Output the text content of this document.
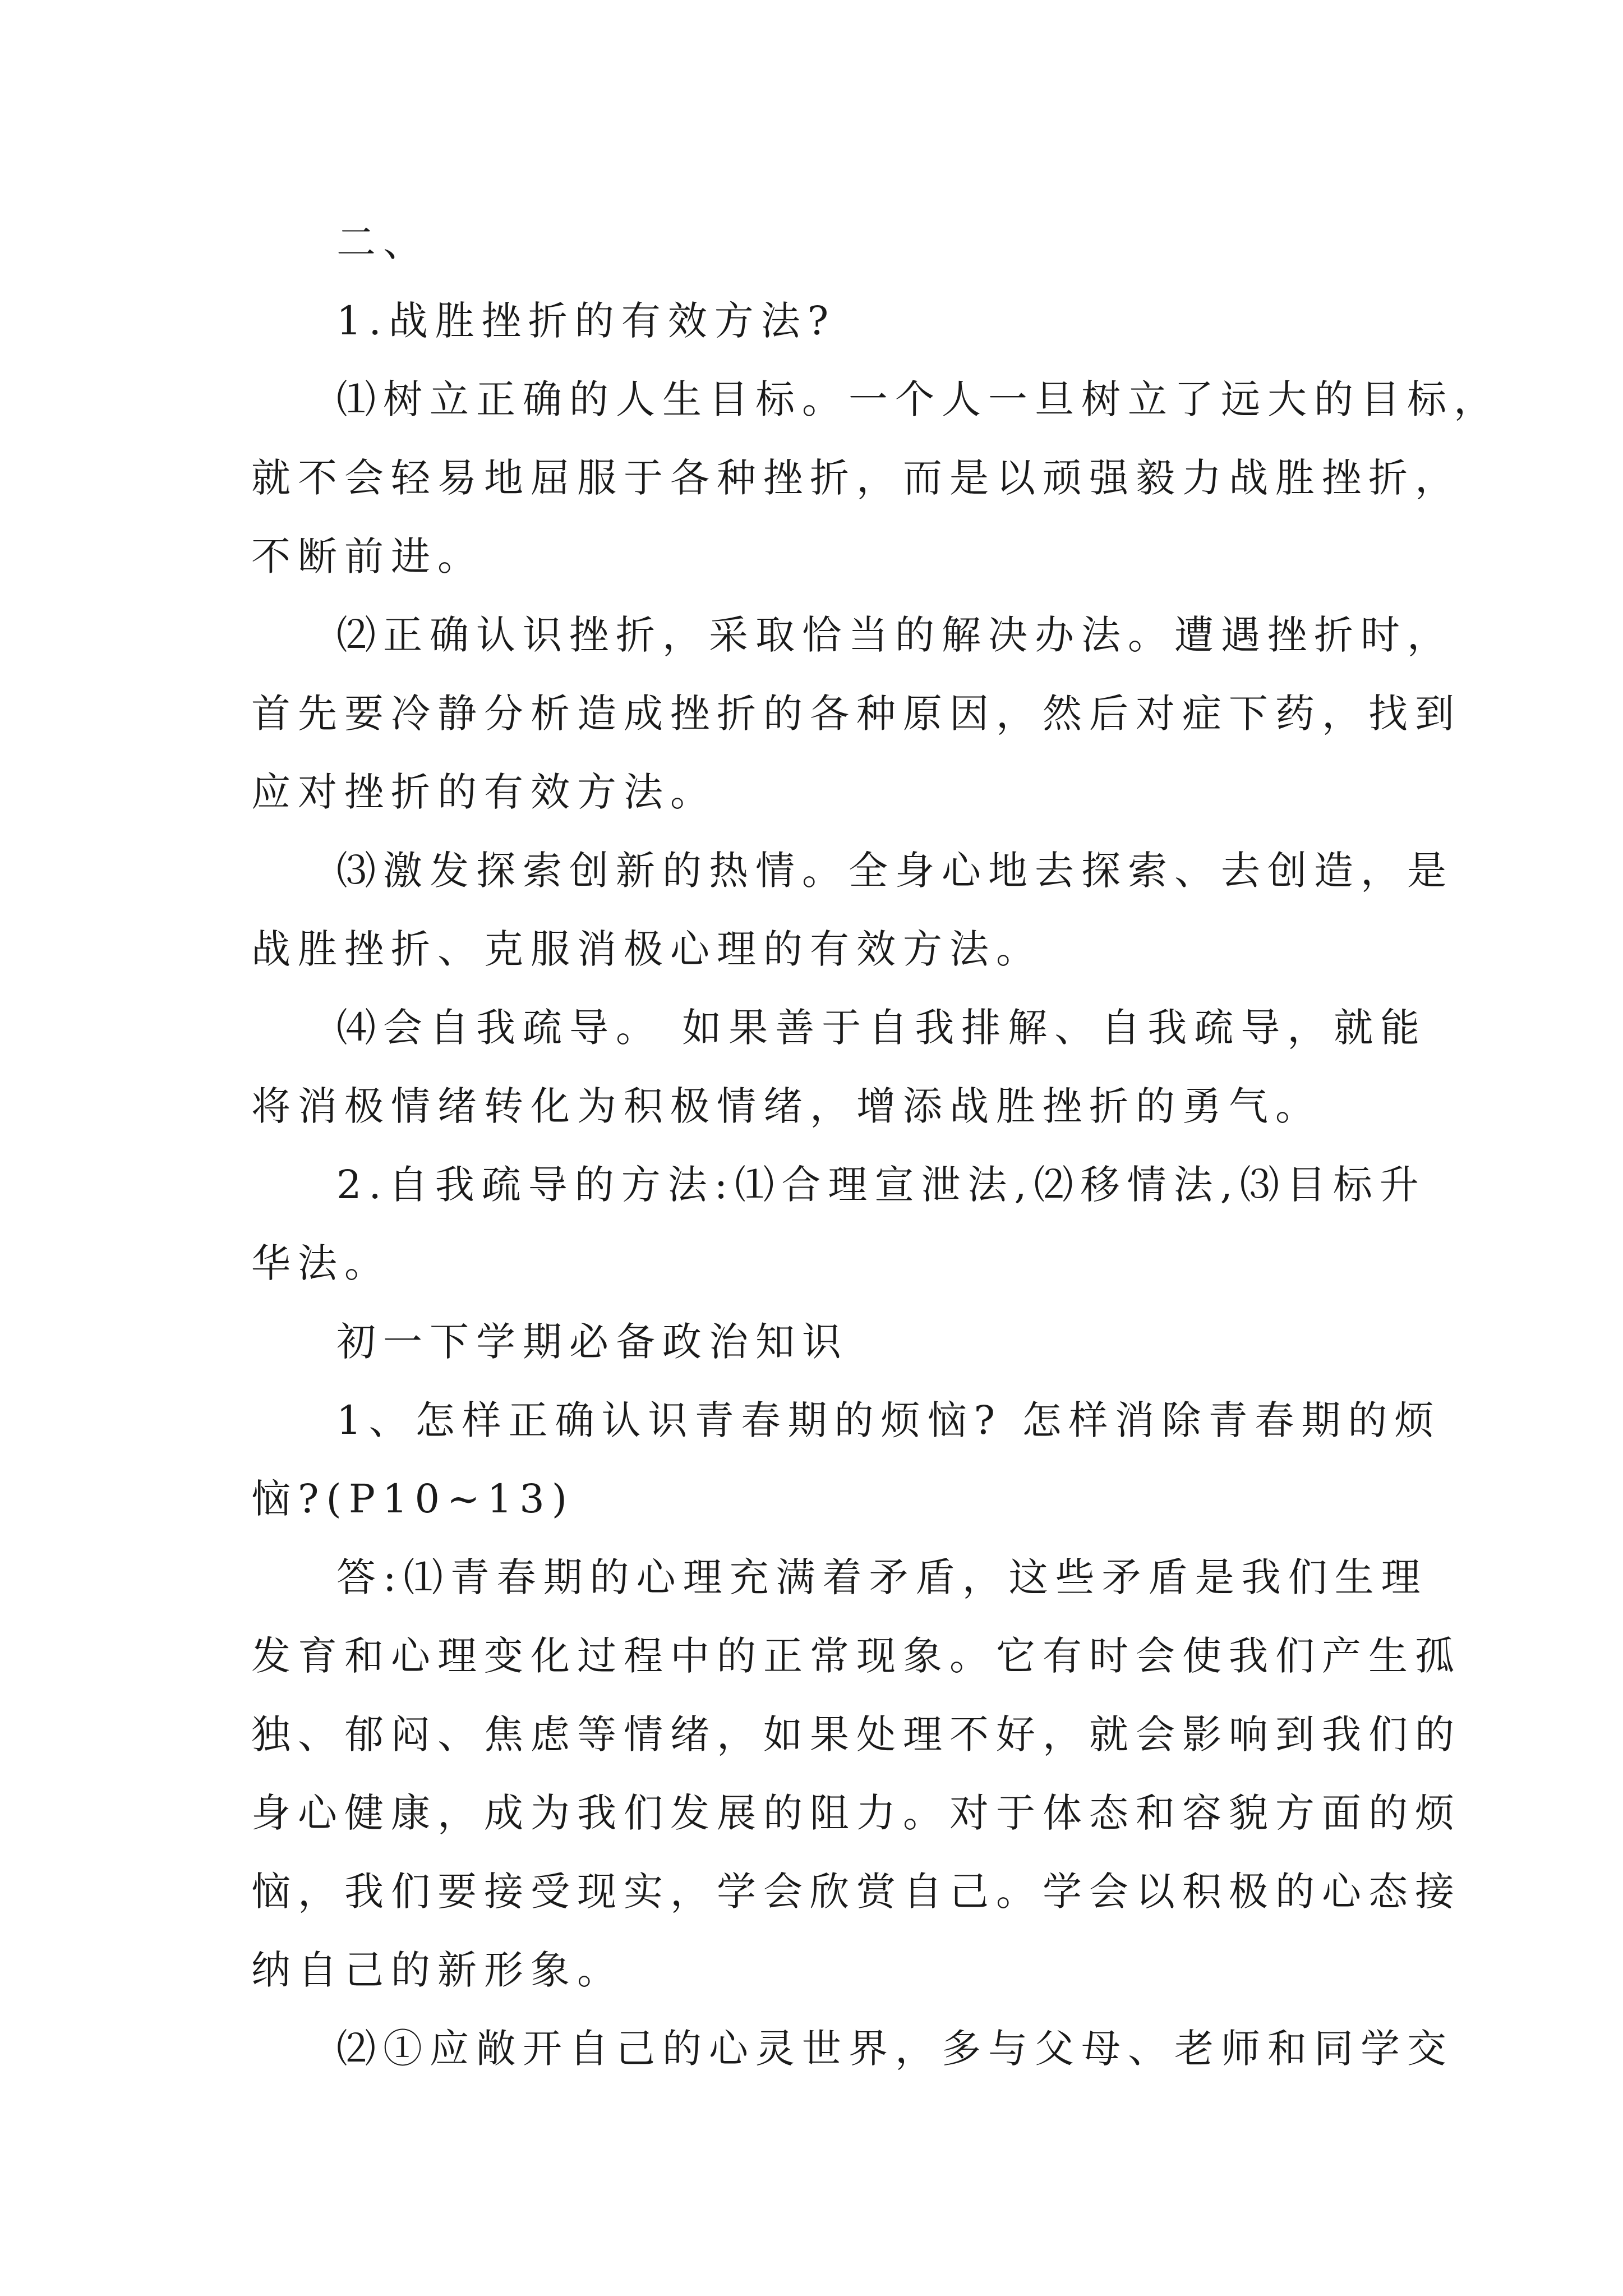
二、
1.战胜挫折的有效方法?
⑴树立正确的人生目标。一个人一旦树立了远大的目标，
就不会轻易地屈服于各种挫折，而是以顽强毅力战胜挫折，
不断前进。
⑵正确认识挫折，采取恰当的解决办法。遭遇挫折时，
首先要冷静分析造成挫折的各种原因，然后对症下药，找到
应对挫折的有效方法。
⑶激发探索创新的热情。全身心地去探索、去创造，是
战胜挫折、克服消极心理的有效方法。
⑷会自我疏导。 如果善于自我排解、自我疏导，就能
将消极情绪转化为积极情绪，增添战胜挫折的勇气。
2.自我疏导的方法:⑴合理宣泄法,⑵移情法,⑶目标升
华法。
初一下学期必备政治知识
1、怎样正确认识青春期的烦恼? 怎样消除青春期的烦
恼?(P10~13)
答:⑴青春期的心理充满着矛盾，这些矛盾是我们生理
发育和心理变化过程中的正常现象。它有时会使我们产生孤
独、郁闷、焦虑等情绪，如果处理不好，就会影响到我们的
身心健康，成为我们发展的阻力。对于体态和容貌方面的烦
恼，我们要接受现实，学会欣赏自己。学会以积极的心态接
纳自己的新形象。
⑵①应敞开自己的心灵世界，多与父母、老师和同学交
